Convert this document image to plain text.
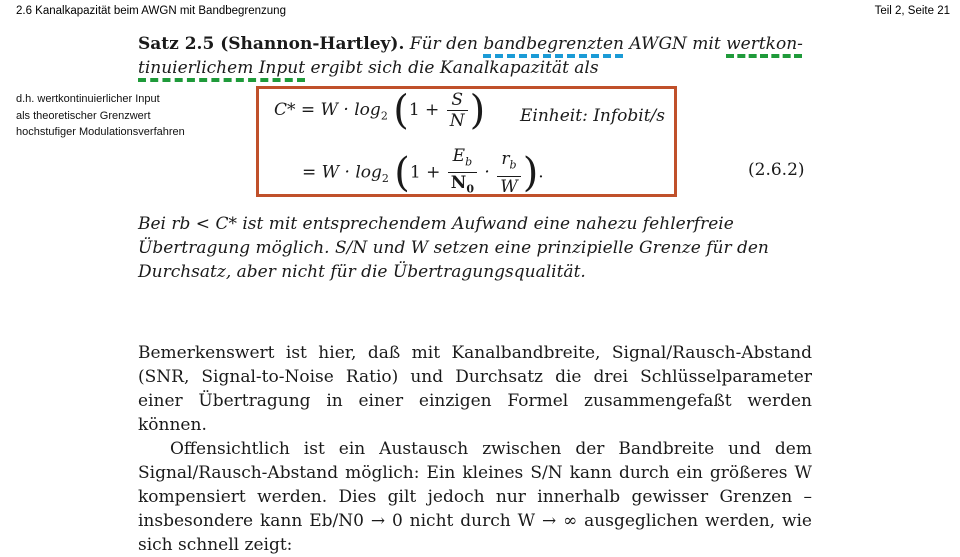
2.6 Kanalkapazität beim AWGN mit Bandbegrenzung	Teil 2, Seite 21
d.h. wertkontinuierlicher Input
als theoretischer Grenzwert
hochstufiger Modulationsverfahren
Satz 2.5 (Shannon-Hartley). Für den bandbegrenzten AWGN mit wertkon-
tinuierlichem Input ergibt sich die Kanalkapazität als
$C* = W \cdot \log_2 (1 + \frac{S}{N}$ ) Einheit: Infobit/s
= $W \cdot \log_2 (1 + \frac{E_b}{N_0} \cdot \frac{r_b}{W}$ ).	(2.6.2)
Bei rb < C* ist mit entsprechendem Aufwand eine nahezu fehlerfreie Übertragung möglich. S/N und W setzen eine prinzipielle Grenze für den Durchsatz, aber nicht für die Übertragungsqualität.
Bemerkenswert ist hier, daß mit Kanalbandbreite, Signal/Rausch-Abstand (SNR, Signal-to-Noise Ratio) und Durchsatz die drei Schlüsselparameter einer Übertragung in einer einzigen Formel zusammengefaßt werden können.
Offensichtlich ist ein Austausch zwischen der Bandbreite und dem Signal/Rausch-Abstand möglich: Ein kleines S/N kann durch ein größeres W kompensiert werden. Dies gilt jedoch nur innerhalb gewisser Grenzen – insbesondere kann Eb/N0 → 0 nicht durch W → ∞ ausgeglichen werden, wie sich schnell zeigt:
